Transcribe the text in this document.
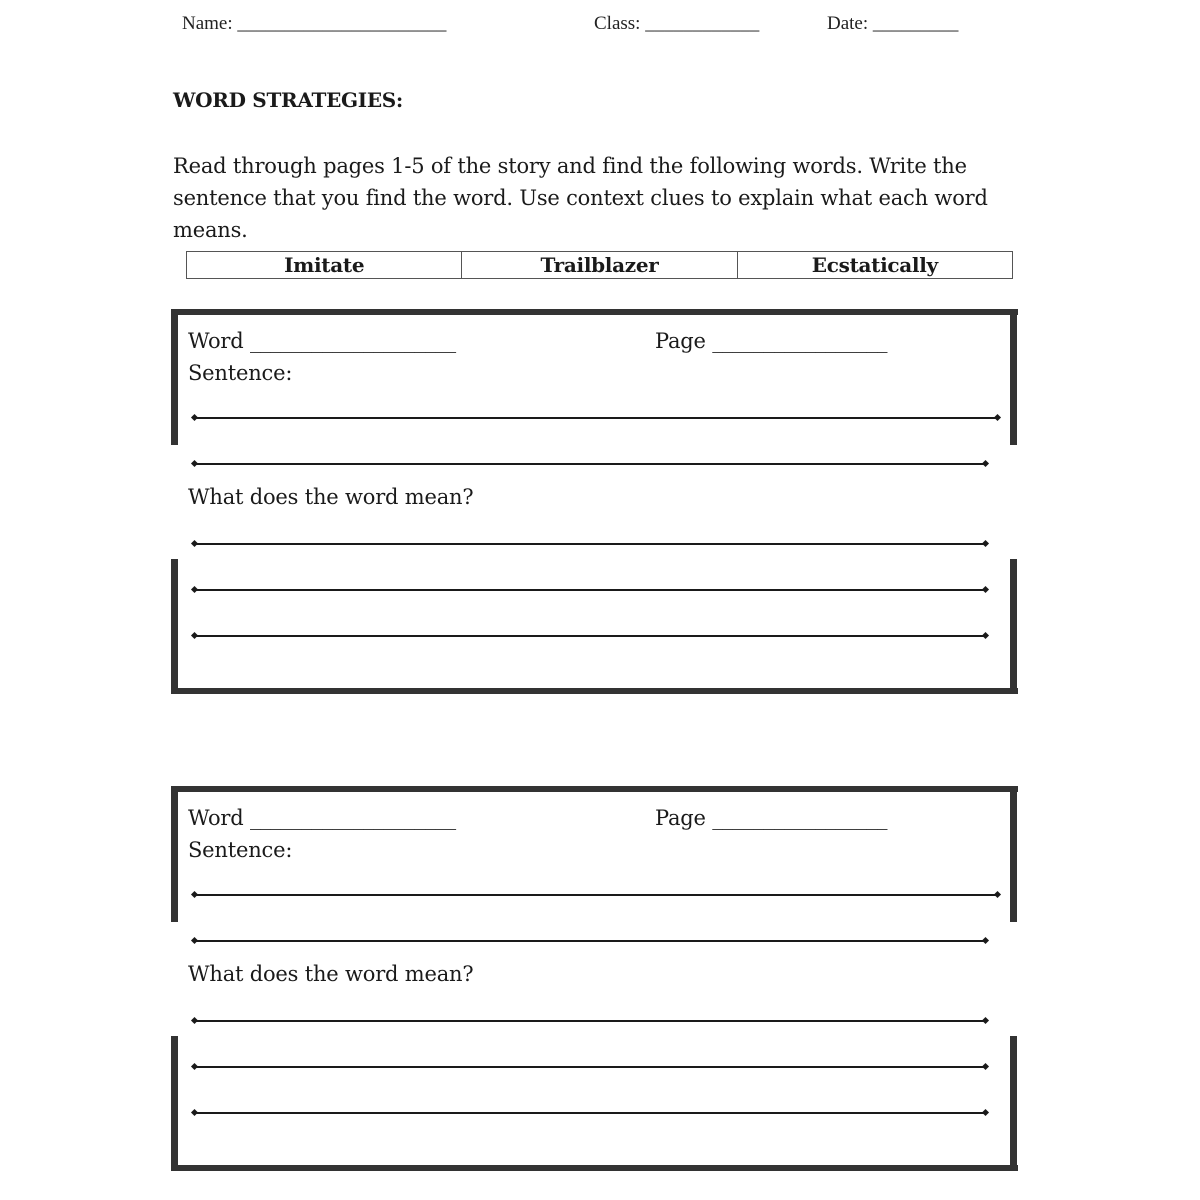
Name: ______________________	Class: ____________	Date: _________
WORD STRATEGIES:
Read through pages 1-5 of the story and find the following words. Write the sentence that you find the word. Use context clues to explain what each word means.
Imitate	Trailblazer	Ecstatically
Word ____________________	Page _________________
Sentence:
What does the word mean?
Word ____________________	Page _________________
Sentence:
What does the word mean?
